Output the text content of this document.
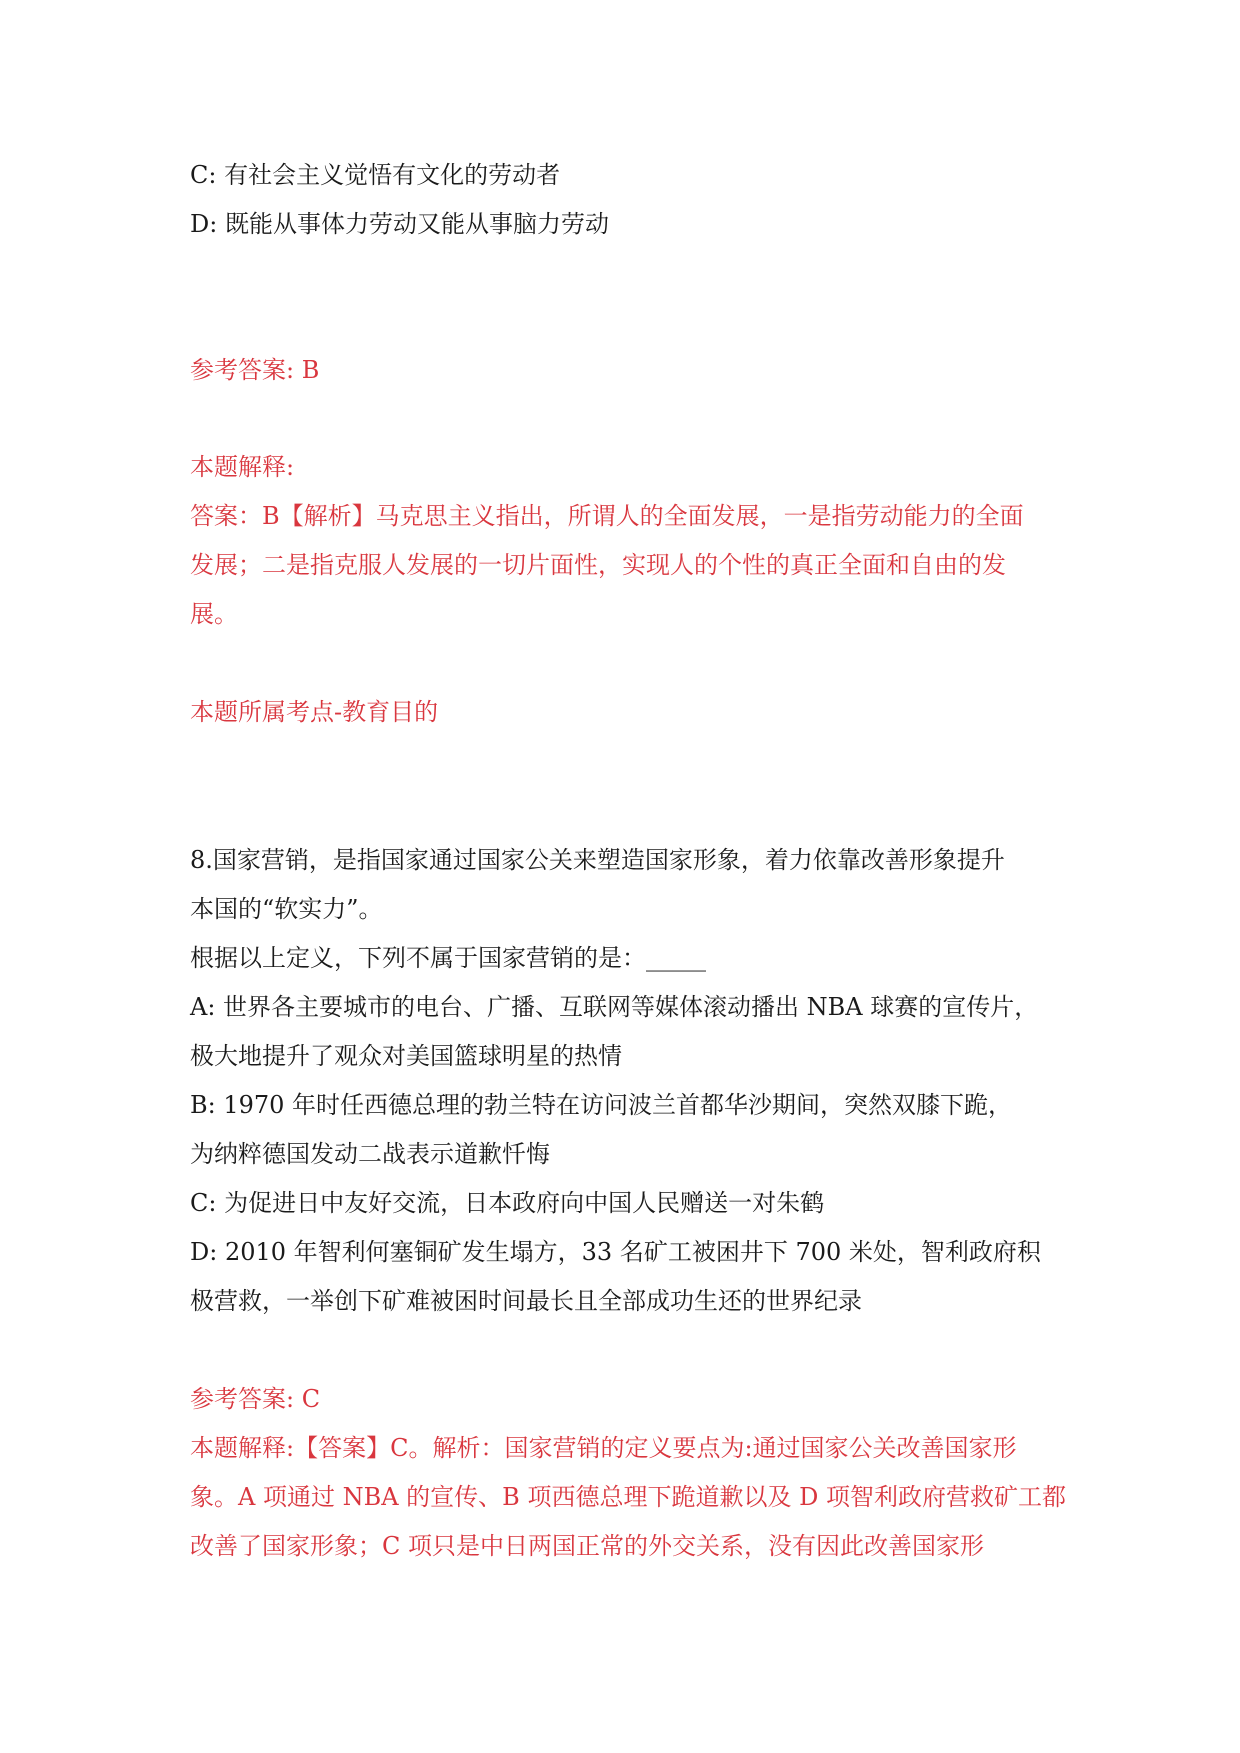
C: 有社会主义觉悟有文化的劳动者
D: 既能从事体力劳动又能从事脑力劳动
参考答案: B
本题解释:
答案：B【解析】马克思主义指出，所谓人的全面发展，一是指劳动能力的全面
发展；二是指克服人发展的一切片面性，实现人的个性的真正全面和自由的发
展。
本题所属考点-教育目的
8.国家营销，是指国家通过国家公关来塑造国家形象，着力依靠改善形象提升
本国的“软实力”。
根据以上定义，下列不属于国家营销的是：_____
A: 世界各主要城市的电台、广播、互联网等媒体滚动播出 NBA 球赛的宣传片，
极大地提升了观众对美国篮球明星的热情
B: 1970 年时任西德总理的勃兰特在访问波兰首都华沙期间，突然双膝下跪，
为纳粹德国发动二战表示道歉忏悔
C: 为促进日中友好交流，日本政府向中国人民赠送一对朱鹤
D: 2010 年智利何塞铜矿发生塌方，33 名矿工被困井下 700 米处，智利政府积
极营救，一举创下矿难被困时间最长且全部成功生还的世界纪录
参考答案: C
本题解释:【答案】C。解析：国家营销的定义要点为:通过国家公关改善国家形
象。A 项通过 NBA 的宣传、B 项西德总理下跪道歉以及 D 项智利政府营救矿工都
改善了国家形象；C 项只是中日两国正常的外交关系，没有因此改善国家形
